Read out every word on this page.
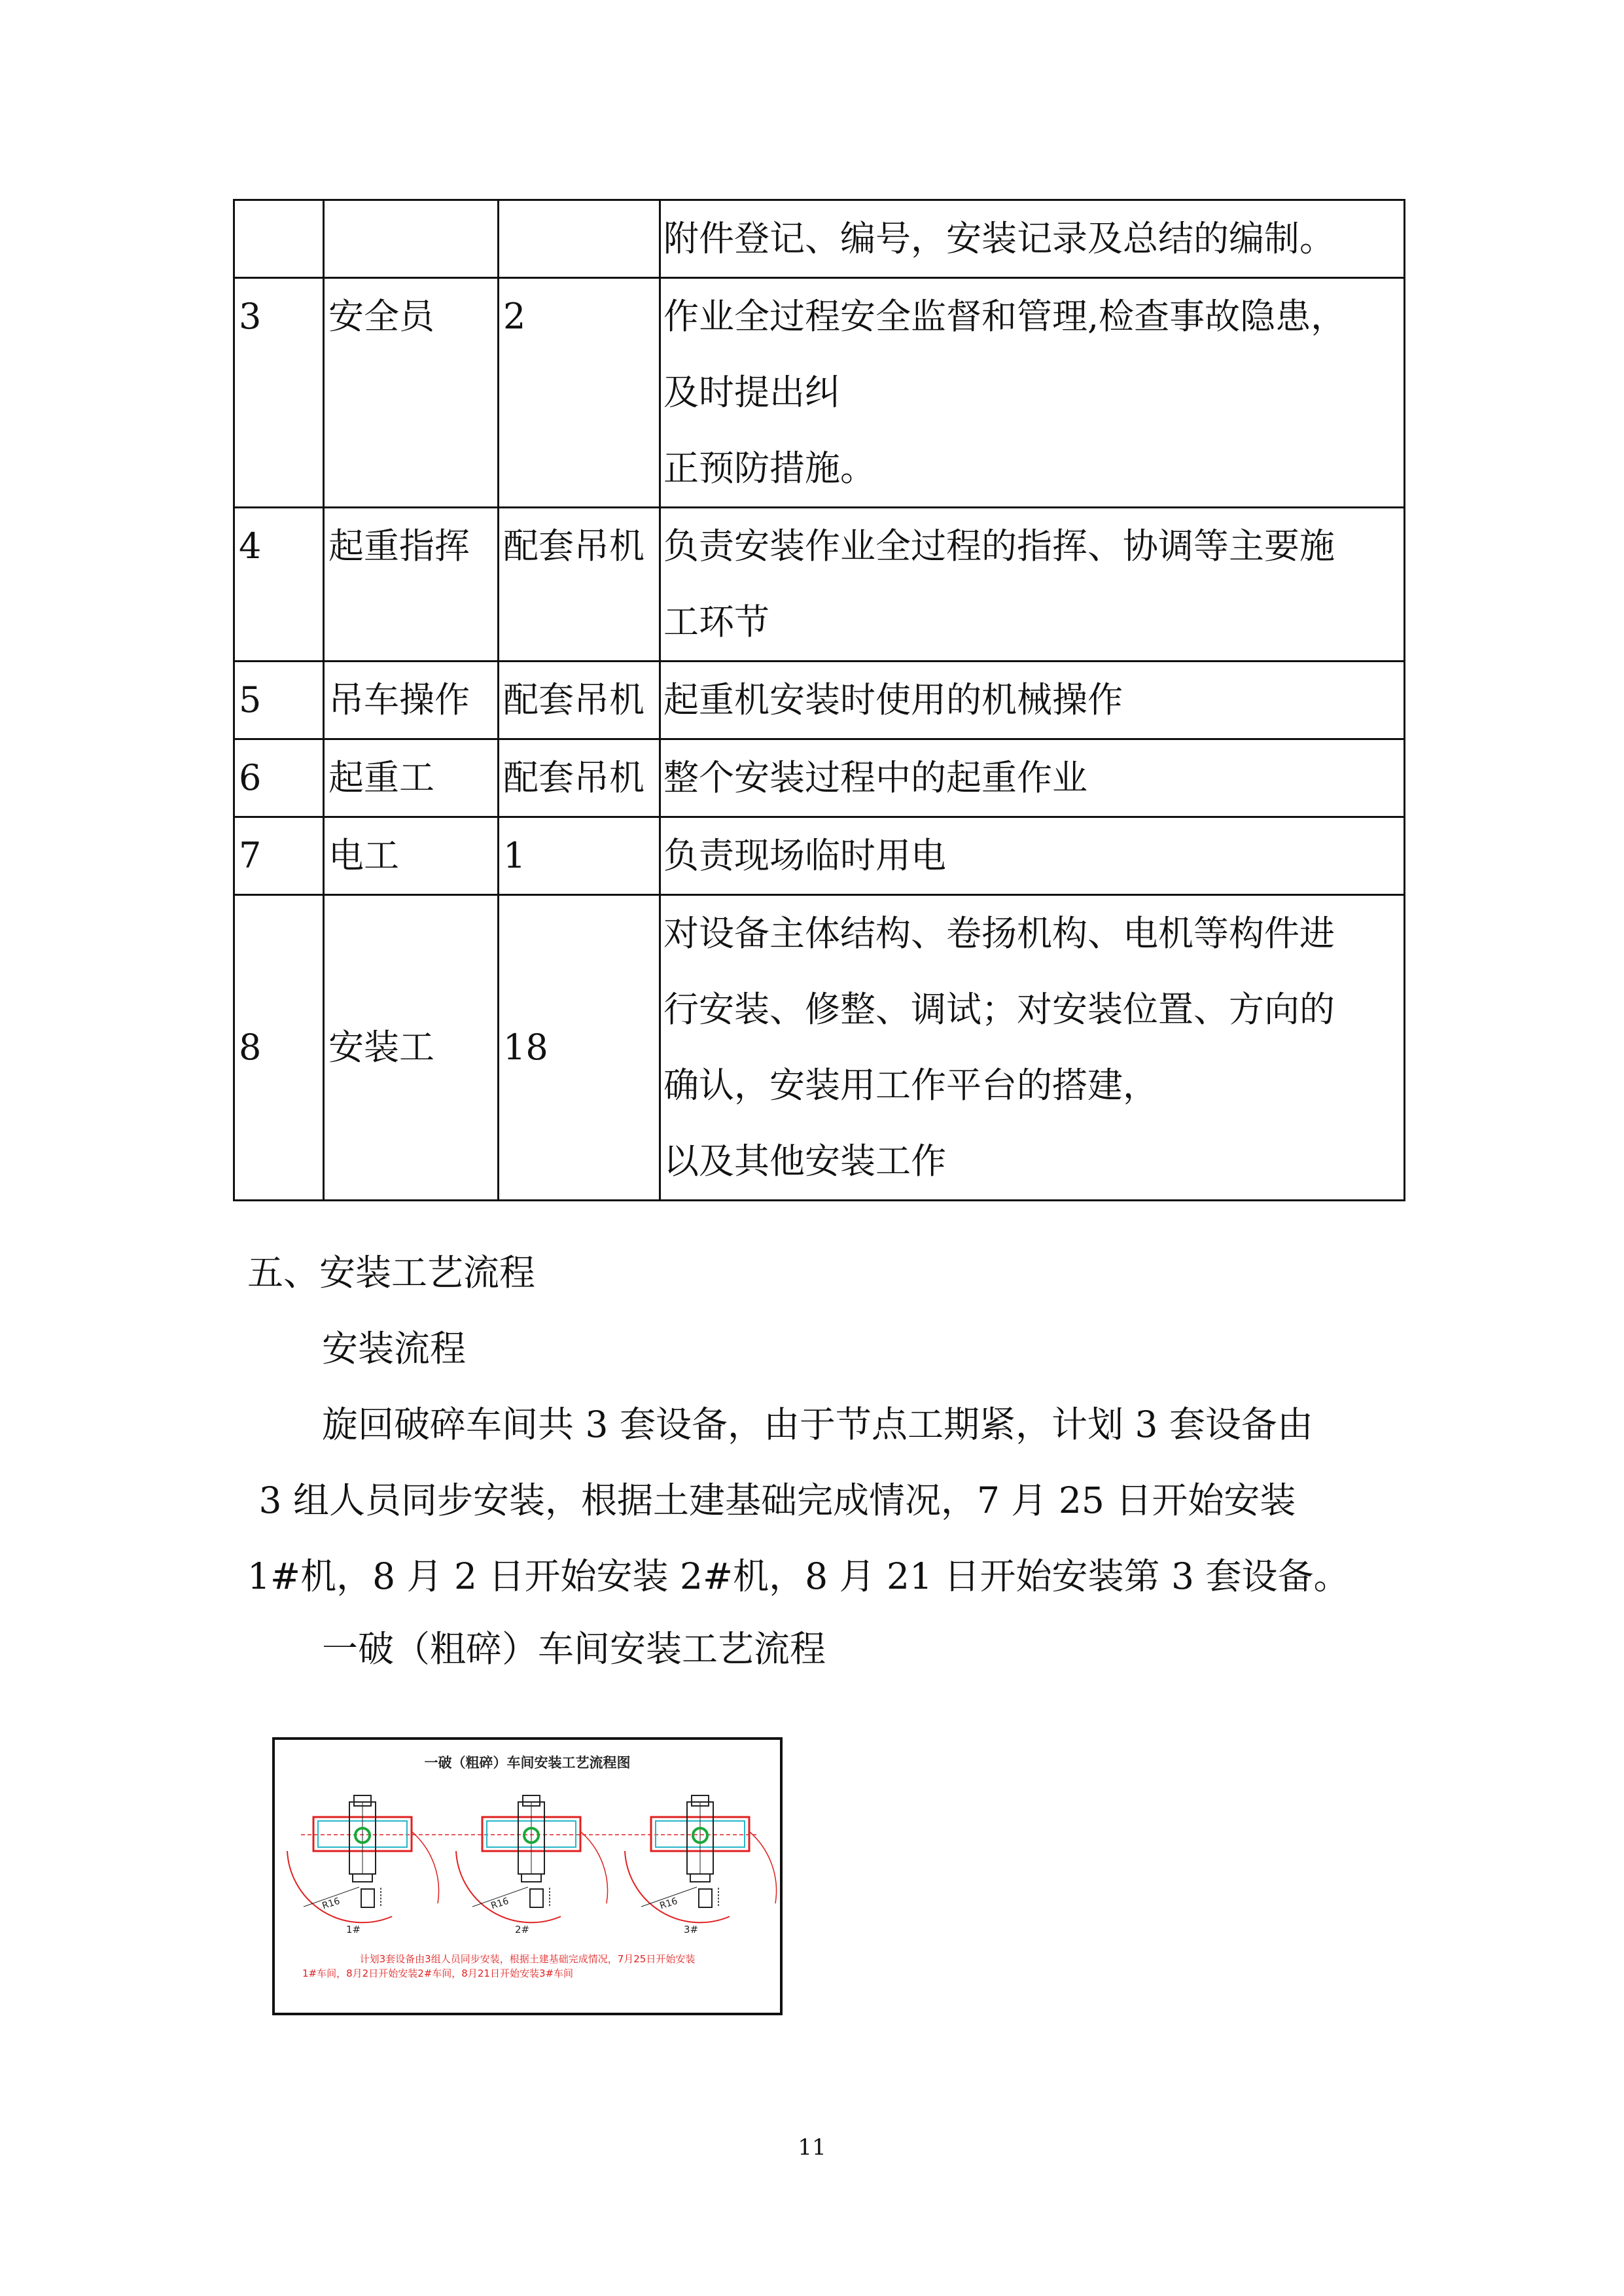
			附件登记、编号，安装记录及总结的编制。

3	安全员	2	作业全过程安全监督和管理,检查事故隐患，
及时提出纠
正预防措施。

4	起重指挥	配套吊机	负责安装作业全过程的指挥、协调等主要施
工环节

5	吊车操作	配套吊机	起重机安装时使用的机械操作

6	起重工	配套吊机	整个安装过程中的起重作业

7	电工	1	负责现场临时用电

8	安装工	18	对设备主体结构、卷扬机构、电机等构件进
行安装、修整、调试；对安装位置、方向的
确认，安装用工作平台的搭建，
以及其他安装工作
五、安装工艺流程
安装流程
旋回破碎车间共 3 套设备，由于节点工期紧，计划 3 套设备由
3 组人员同步安装，根据土建基础完成情况，7 月 25 日开始安装
1#机，8 月 2 日开始安装 2#机，8 月 21 日开始安装第 3 套设备。
一破（粗碎）车间安装工艺流程
一破（粗碎）车间安装工艺流程图
R16
1#
R16
2#
R16
3#
计划3套设备由3组人员同步安装，根据土建基础完成情况，7月25日开始安装
1#车间，8月2日开始安装2#车间，8月21日开始安装3#车间
11
